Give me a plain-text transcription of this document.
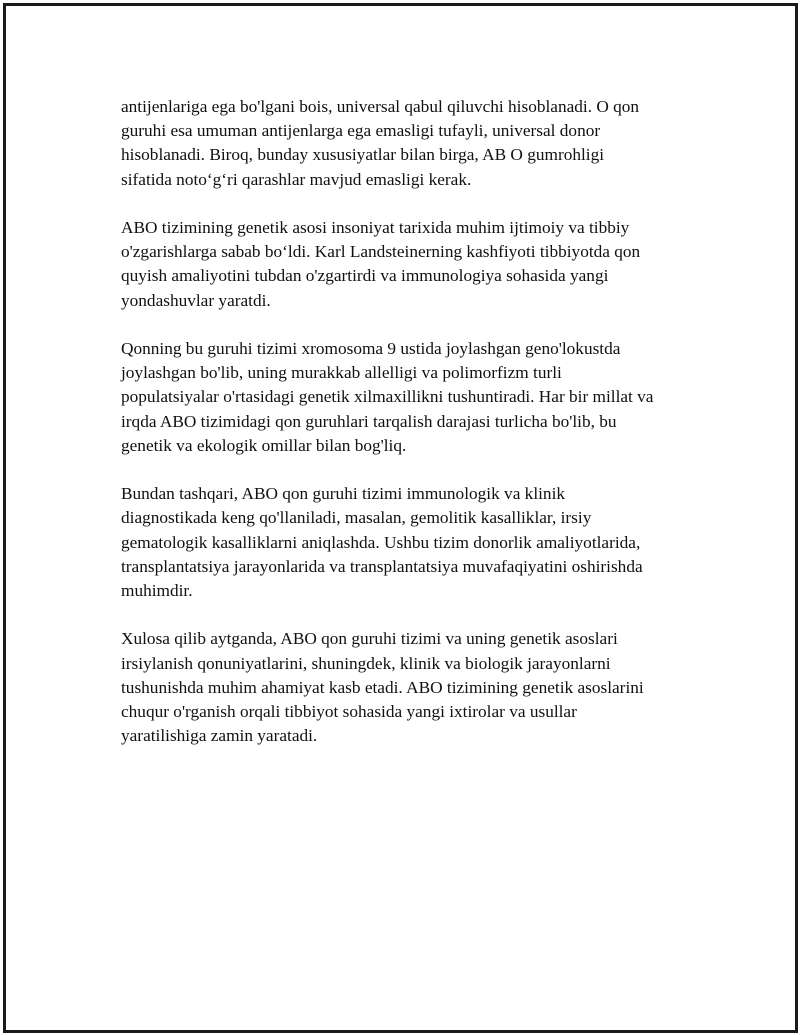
antijenlariga ega bo'lgani bois, universal qabul qiluvchi hisoblanadi. O qon
guruhi esa umuman antijenlarga ega emasligi tufayli, universal donor
hisoblanadi. Biroq, bunday xususiyatlar bilan birga, AB O gumrohligi
sifatida noto‘g‘ri qarashlar mavjud emasligi kerak.

ABO tizimining genetik asosi insoniyat tarixida muhim ijtimoiy va tibbiy
o'zgarishlarga sabab bo‘ldi. Karl Landsteinerning kashfiyoti tibbiyotda qon
quyish amaliyotini tubdan o'zgartirdi va immunologiya sohasida yangi
yondashuvlar yaratdi.

Qonning bu guruhi tizimi xromosoma 9 ustida joylashgan geno'lokustda
joylashgan bo'lib, uning murakkab allelligi va polimorfizm turli
populatsiyalar o'rtasidagi genetik xilmaxillikni tushuntiradi. Har bir millat va
irqda ABO tizimidagi qon guruhlari tarqalish darajasi turlicha bo'lib, bu
genetik va ekologik omillar bilan bog'liq.

Bundan tashqari, ABO qon guruhi tizimi immunologik va klinik
diagnostikada keng qo'llaniladi, masalan, gemolitik kasalliklar, irsiy
gematologik kasalliklarni aniqlashda. Ushbu tizim donorlik amaliyotlarida,
transplantatsiya jarayonlarida va transplantatsiya muvafaqiyatini oshirishda
muhimdir.

Xulosa qilib aytganda, ABO qon guruhi tizimi va uning genetik asoslari
irsiylanish qonuniyatlarini, shuningdek, klinik va biologik jarayonlarni
tushunishda muhim ahamiyat kasb etadi. ABO tizimining genetik asoslarini
chuqur o'rganish orqali tibbiyot sohasida yangi ixtirolar va usullar
yaratilishiga zamin yaratadi.
